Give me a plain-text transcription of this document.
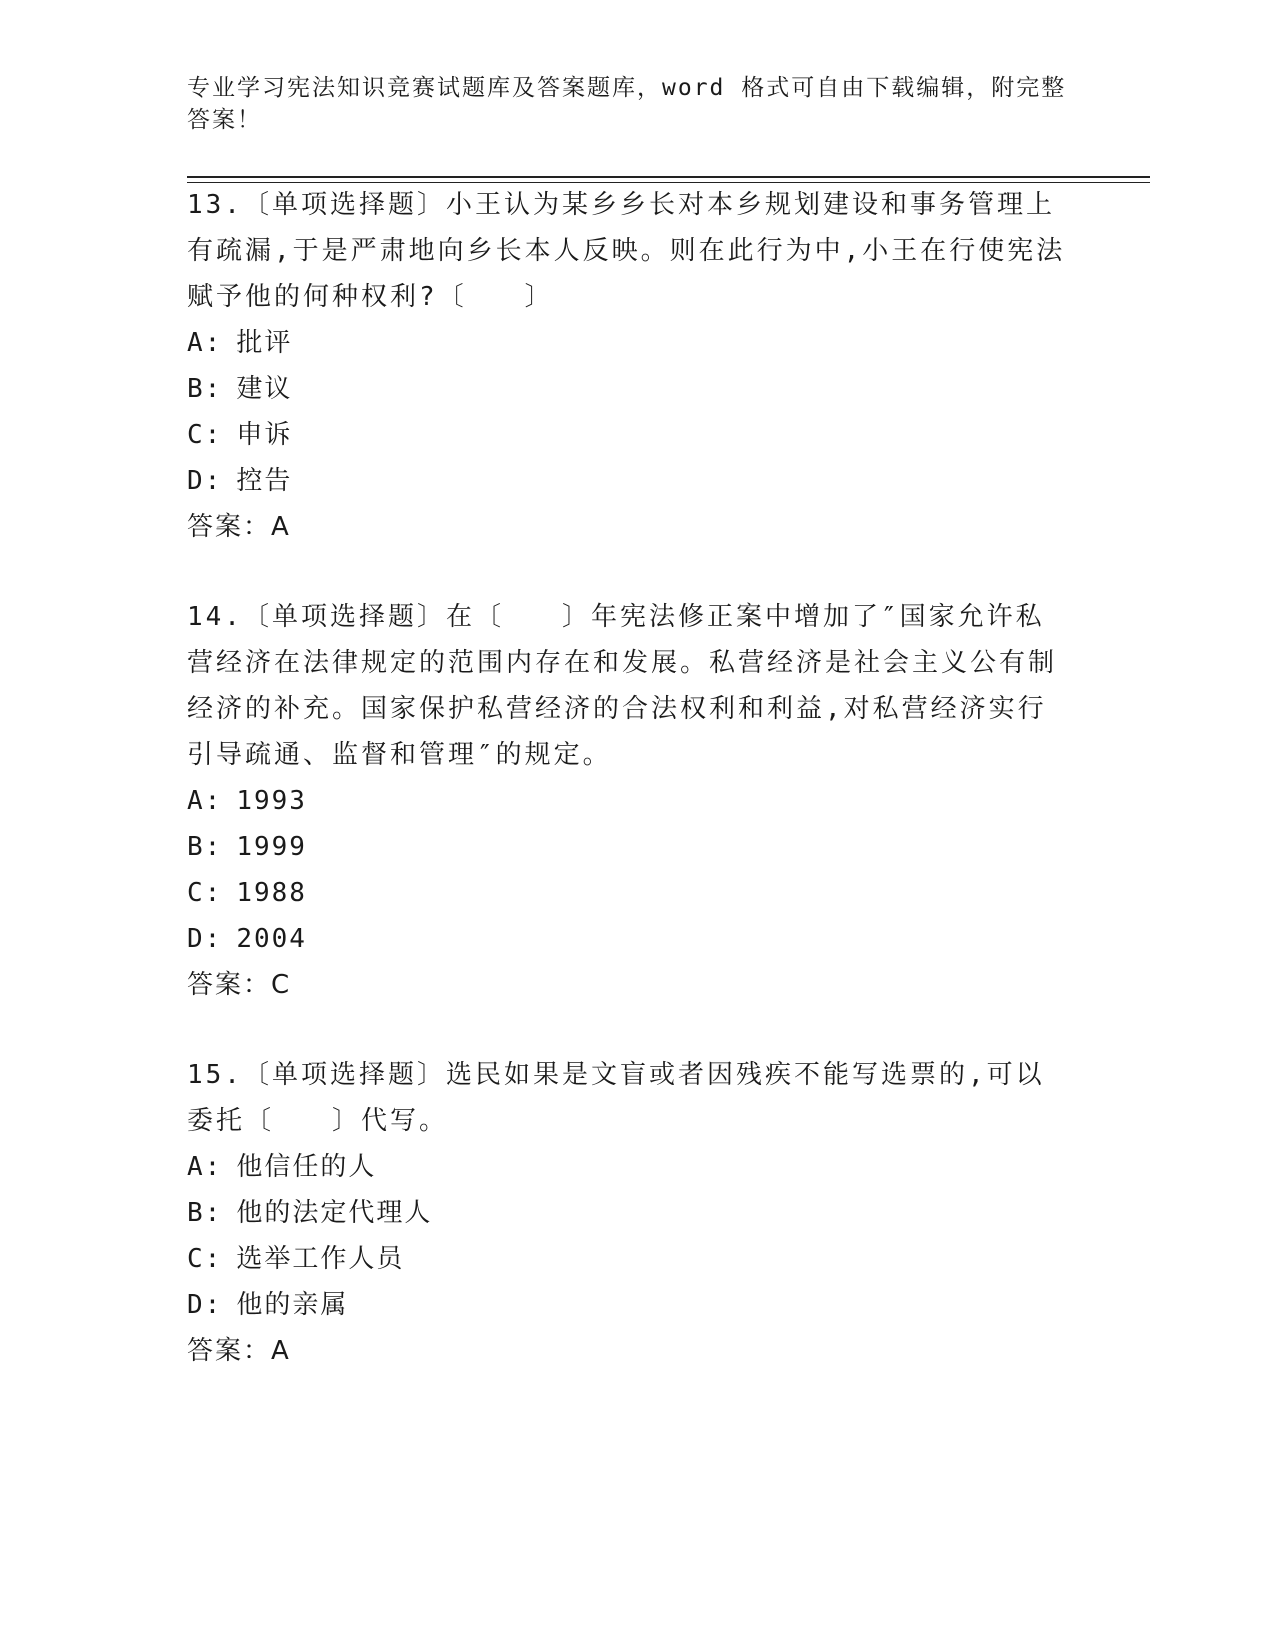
专业学习宪法知识竞赛试题库及答案题库，word 格式可自由下载编辑，附完整答案！

13.〔单项选择题〕小王认为某乡乡长对本乡规划建设和事务管理上有疏漏,于是严肃地向乡长本人反映。则在此行为中,小王在行使宪法赋予他的何种权利?〔　　〕

A: 批评

B: 建议

C: 申诉

D: 控告

答案：A

14.〔单项选择题〕在〔　　〕年宪法修正案中增加了″国家允许私营经济在法律规定的范围内存在和发展。私营经济是社会主义公有制经济的补充。国家保护私营经济的合法权利和利益,对私营经济实行引导疏通、监督和管理″的规定。

A: 1993

B: 1999

C: 1988

D: 2004

答案：C

15.〔单项选择题〕选民如果是文盲或者因残疾不能写选票的,可以委托〔　　〕代写。

A: 他信任的人

B: 他的法定代理人

C: 选举工作人员

D: 他的亲属

答案：A
